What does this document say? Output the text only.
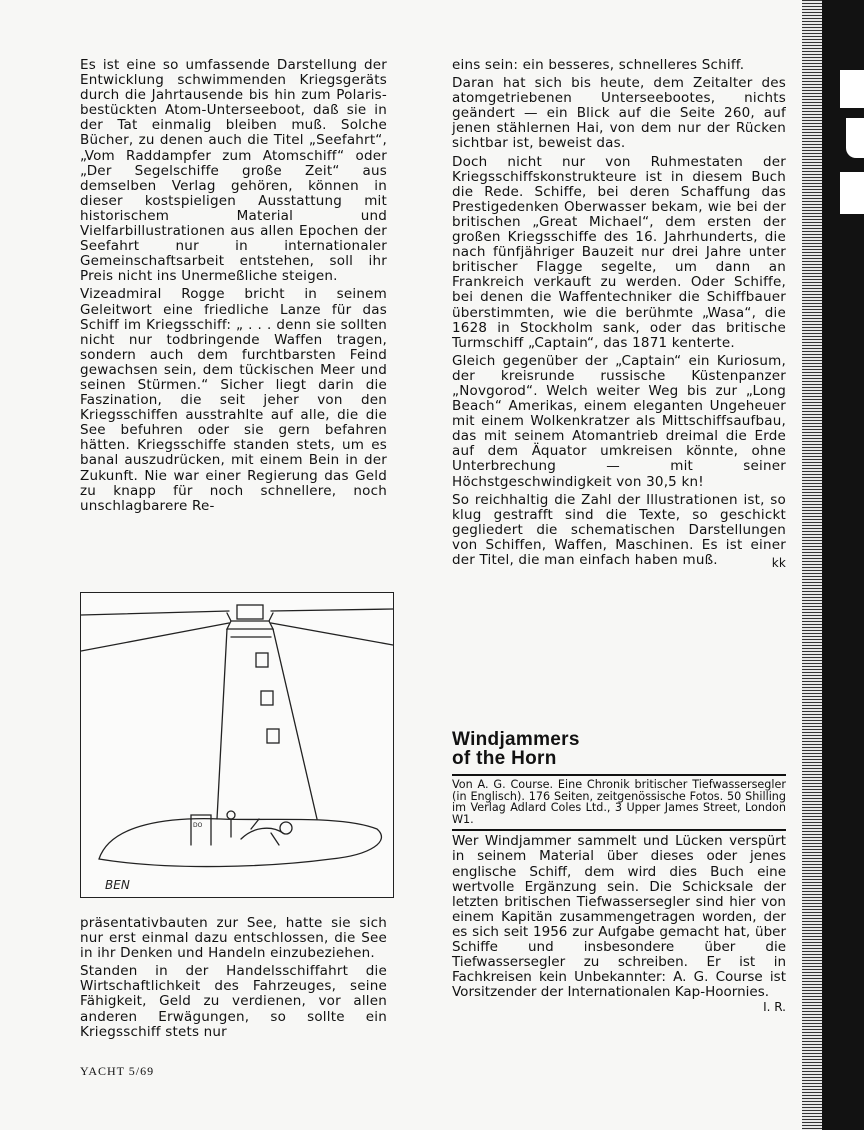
Es ist eine so umfassende Darstellung der Entwicklung schwimmenden Kriegsgeräts durch die Jahrtausende bis hin zum Polaris-bestückten Atom-Unterseeboot, daß sie in der Tat einmalig bleiben muß. Solche Bücher, zu denen auch die Titel „Seefahrt“, „Vom Raddampfer zum Atomschiff“ oder „Der Segelschiffe große Zeit“ aus demselben Verlag gehören, können in dieser kostspieligen Ausstattung mit historischem Material und Vielfarbillustrationen aus allen Epochen der Seefahrt nur in internationaler Gemeinschaftsarbeit entstehen, soll ihr Preis nicht ins Unermeßliche steigen.

Vizeadmiral Rogge bricht in seinem Geleitwort eine friedliche Lanze für das Schiff im Kriegsschiff: „ . . . denn sie sollten nicht nur todbringende Waffen tragen, sondern auch dem furchtbarsten Feind gewachsen sein, dem tückischen Meer und seinen Stürmen.“ Sicher liegt darin die Faszination, die seit jeher von den Kriegsschiffen ausstrahlte auf alle, die die See befuhren oder sie gern befahren hätten. Kriegsschiffe standen stets, um es banal auszudrücken, mit einem Bein in der Zukunft. Nie war einer Regierung das Geld zu knapp für noch schnellere, noch unschlagbarere Re-

DO
BEN

präsentativbauten zur See, hatte sie sich nur erst einmal dazu entschlossen, die See in ihr Denken und Handeln einzubeziehen.

Standen in der Handelsschiffahrt die Wirtschaftlichkeit des Fahrzeuges, seine Fähigkeit, Geld zu verdienen, vor allen anderen Erwägungen, so sollte ein Kriegsschiff stets nur

eins sein: ein besseres, schnelleres Schiff.

Daran hat sich bis heute, dem Zeitalter des atomgetriebenen Unterseebootes, nichts geändert — ein Blick auf die Seite 260, auf jenen stählernen Hai, von dem nur der Rücken sichtbar ist, beweist das.

Doch nicht nur von Ruhmestaten der Kriegsschiffskonstrukteure ist in diesem Buch die Rede. Schiffe, bei deren Schaffung das Prestigedenken Oberwasser bekam, wie bei der britischen „Great Michael“, dem ersten der großen Kriegsschiffe des 16. Jahrhunderts, die nach fünfjähriger Bauzeit nur drei Jahre unter britischer Flagge segelte, um dann an Frankreich verkauft zu werden. Oder Schiffe, bei denen die Waffentechniker die Schiffbauer überstimmten, wie die berühmte „Wasa“, die 1628 in Stockholm sank, oder das britische Turmschiff „Captain“, das 1871 kenterte.

Gleich gegenüber der „Captain“ ein Kuriosum, der kreisrunde russische Küstenpanzer „Novgorod“. Welch weiter Weg bis zur „Long Beach“ Amerikas, einem eleganten Ungeheuer mit einem Wolkenkratzer als Mittschiffsaufbau, das mit seinem Atomantrieb dreimal die Erde auf dem Äquator umkreisen könnte, ohne Unterbrechung — mit seiner Höchstgeschwindigkeit von 30,5 kn!

So reichhaltig die Zahl der Illustrationen ist, so klug gestrafft sind die Texte, so geschickt gegliedert die schematischen Darstellungen von Schiffen, Waffen, Maschinen. Es ist einer der Titel, die man einfach haben muß.	kk
Windjammers
of the Horn
Von A. G. Course. Eine Chronik britischer Tiefwassersegler (in Englisch). 176 Seiten, zeitgenössische Fotos. 50 Shilling im Verlag Adlard Coles Ltd., 3 Upper James Street, London W1.
Wer Windjammer sammelt und Lücken verspürt in seinem Material über dieses oder jenes englische Schiff, dem wird dies Buch eine wertvolle Ergänzung sein. Die Schicksale der letzten britischen Tiefwassersegler sind hier von einem Kapitän zusammengetragen worden, der es sich seit 1956 zur Aufgabe gemacht hat, über Schiffe und insbesondere über die Tiefwassersegler zu schreiben. Er ist in Fachkreisen kein Unbekannter: A. G. Course ist Vorsitzender der Internationalen Kap-Hoornies.
I. R.
YACHT 5/69
